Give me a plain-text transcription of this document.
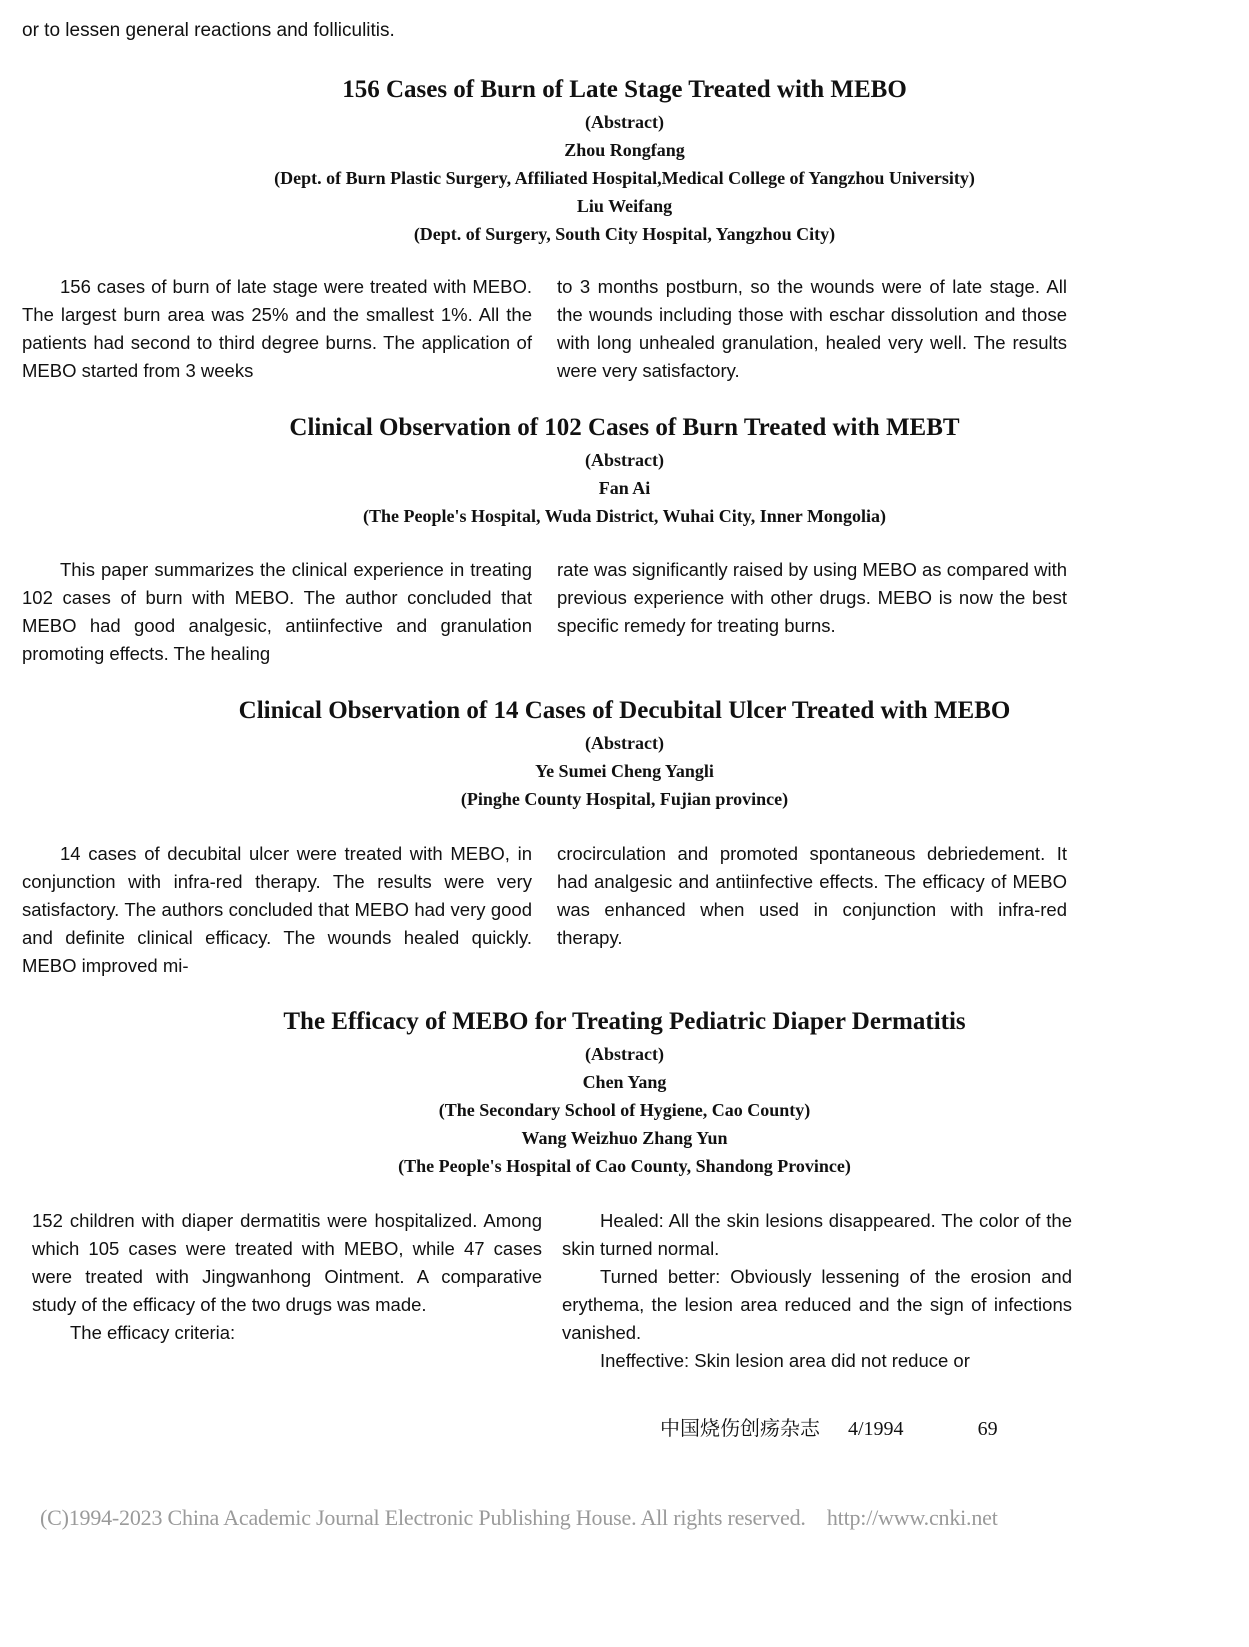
or to lessen general reactions and folliculitis.

156 Cases of Burn of Late Stage Treated with MEBO

(Abstract)

Zhou Rongfang

(Dept. of Burn Plastic Surgery, Affiliated Hospital,Medical College of Yangzhou University)

Liu Weifang

(Dept. of Surgery, South City Hospital, Yangzhou City)

156 cases of burn of late stage were treated with MEBO. The largest burn area was 25% and the smallest 1%. All the patients had second to third degree burns. The application of MEBO started from 3 weeks

to 3 months postburn, so the wounds were of late stage. All the wounds including those with eschar dissolution and those with long unhealed granulation, healed very well. The results were very satisfactory.

Clinical Observation of 102 Cases of Burn Treated with MEBT

(Abstract)

Fan Ai

(The People's Hospital, Wuda District, Wuhai City, Inner Mongolia)

This paper summarizes the clinical experience in treating 102 cases of burn with MEBO. The author concluded that MEBO had good analgesic, antiinfective and granulation promoting effects. The healing

rate was significantly raised by using MEBO as compared with previous experience with other drugs. MEBO is now the best specific remedy for treating burns.

Clinical Observation of 14 Cases of Decubital Ulcer Treated with MEBO

(Abstract)

Ye Sumei Cheng Yangli

(Pinghe County Hospital, Fujian province)

14 cases of decubital ulcer were treated with MEBO, in conjunction with infra-red therapy. The results were very satisfactory. The authors concluded that MEBO had very good and definite clinical efficacy. The wounds healed quickly. MEBO improved mi-

crocirculation and promoted spontaneous debriedement. It had analgesic and antiinfective effects. The efficacy of MEBO was enhanced when used in conjunction with infra-red therapy.

The Efficacy of MEBO for Treating Pediatric Diaper Dermatitis

(Abstract)

Chen Yang

(The Secondary School of Hygiene, Cao County)

Wang Weizhuo Zhang Yun

(The People's Hospital of Cao County, Shandong Province)

152 children with diaper dermatitis were hospitalized. Among which 105 cases were treated with MEBO, while 47 cases were treated with Jingwanhong Ointment. A comparative study of the efficacy of the two drugs was made.

The efficacy criteria:

Healed: All the skin lesions disappeared. The color of the skin turned normal.

Turned better: Obviously lessening of the erosion and erythema, the lesion area reduced and the sign of infections vanished.

Ineffective: Skin lesion area did not reduce or

中国烧伤创疡杂志 4/1994	69
(C)1994-2023 China Academic Journal Electronic Publishing House. All rights reserved.    http://www.cnki.net
